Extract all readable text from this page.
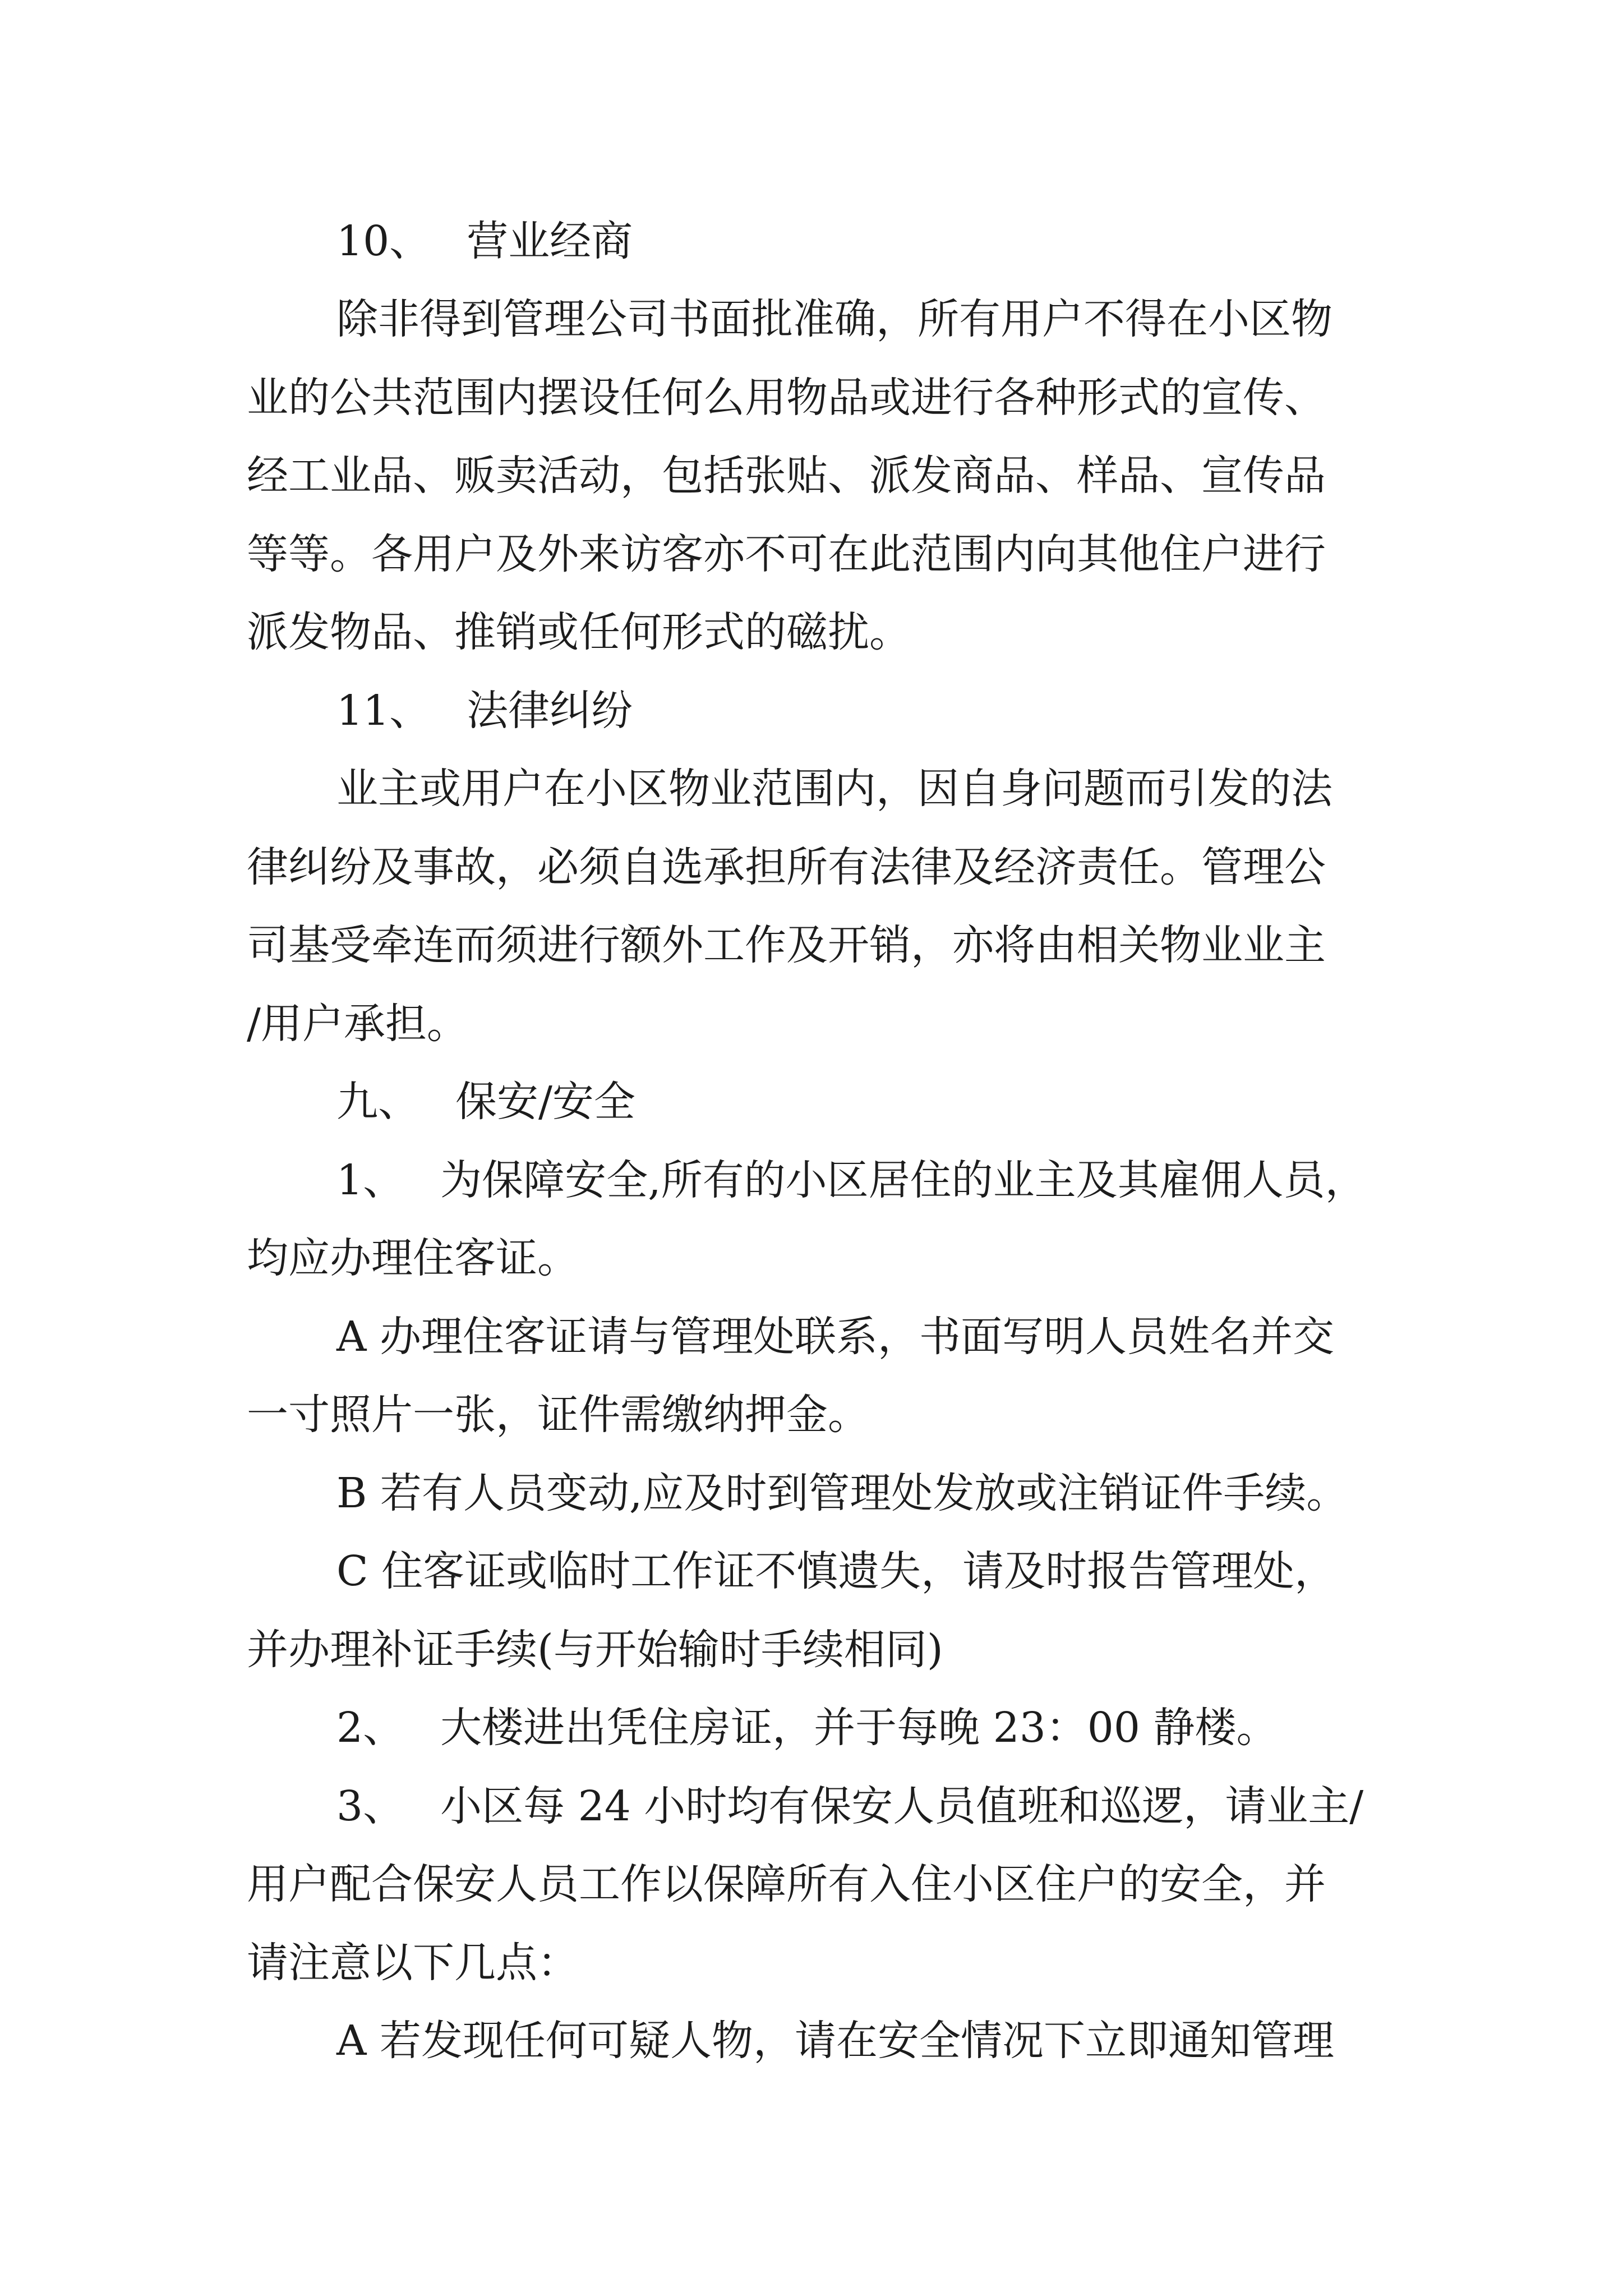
10、 营业经商

除非得到管理公司书面批准确，所有用户不得在小区物

业的公共范围内摆设任何么用物品或进行各种形式的宣传、

经工业品、贩卖活动，包括张贴、派发商品、样品、宣传品

等等。各用户及外来访客亦不可在此范围内向其他住户进行

派发物品、推销或任何形式的磁扰。

11、 法律纠纷

业主或用户在小区物业范围内，因自身问题而引发的法

律纠纷及事故，必须自选承担所有法律及经济责任。管理公

司基受牵连而须进行额外工作及开销，亦将由相关物业业主

/用户承担。

九、 保安/安全

1、 为保障安全,所有的小区居住的业主及其雇佣人员，

均应办理住客证。

A 办理住客证请与管理处联系，书面写明人员姓名并交

一寸照片一张，证件需缴纳押金。

B 若有人员变动,应及时到管理处发放或注销证件手续。

C 住客证或临时工作证不慎遗失，请及时报告管理处，

并办理补证手续(与开始输时手续相同)

2、 大楼进出凭住房证，并于每晚 23：00 静楼。

3、 小区每 24 小时均有保安人员值班和巡逻，请业主/

用户配合保安人员工作以保障所有入住小区住户的安全，并

请注意以下几点：

A 若发现任何可疑人物，请在安全情况下立即通知管理
